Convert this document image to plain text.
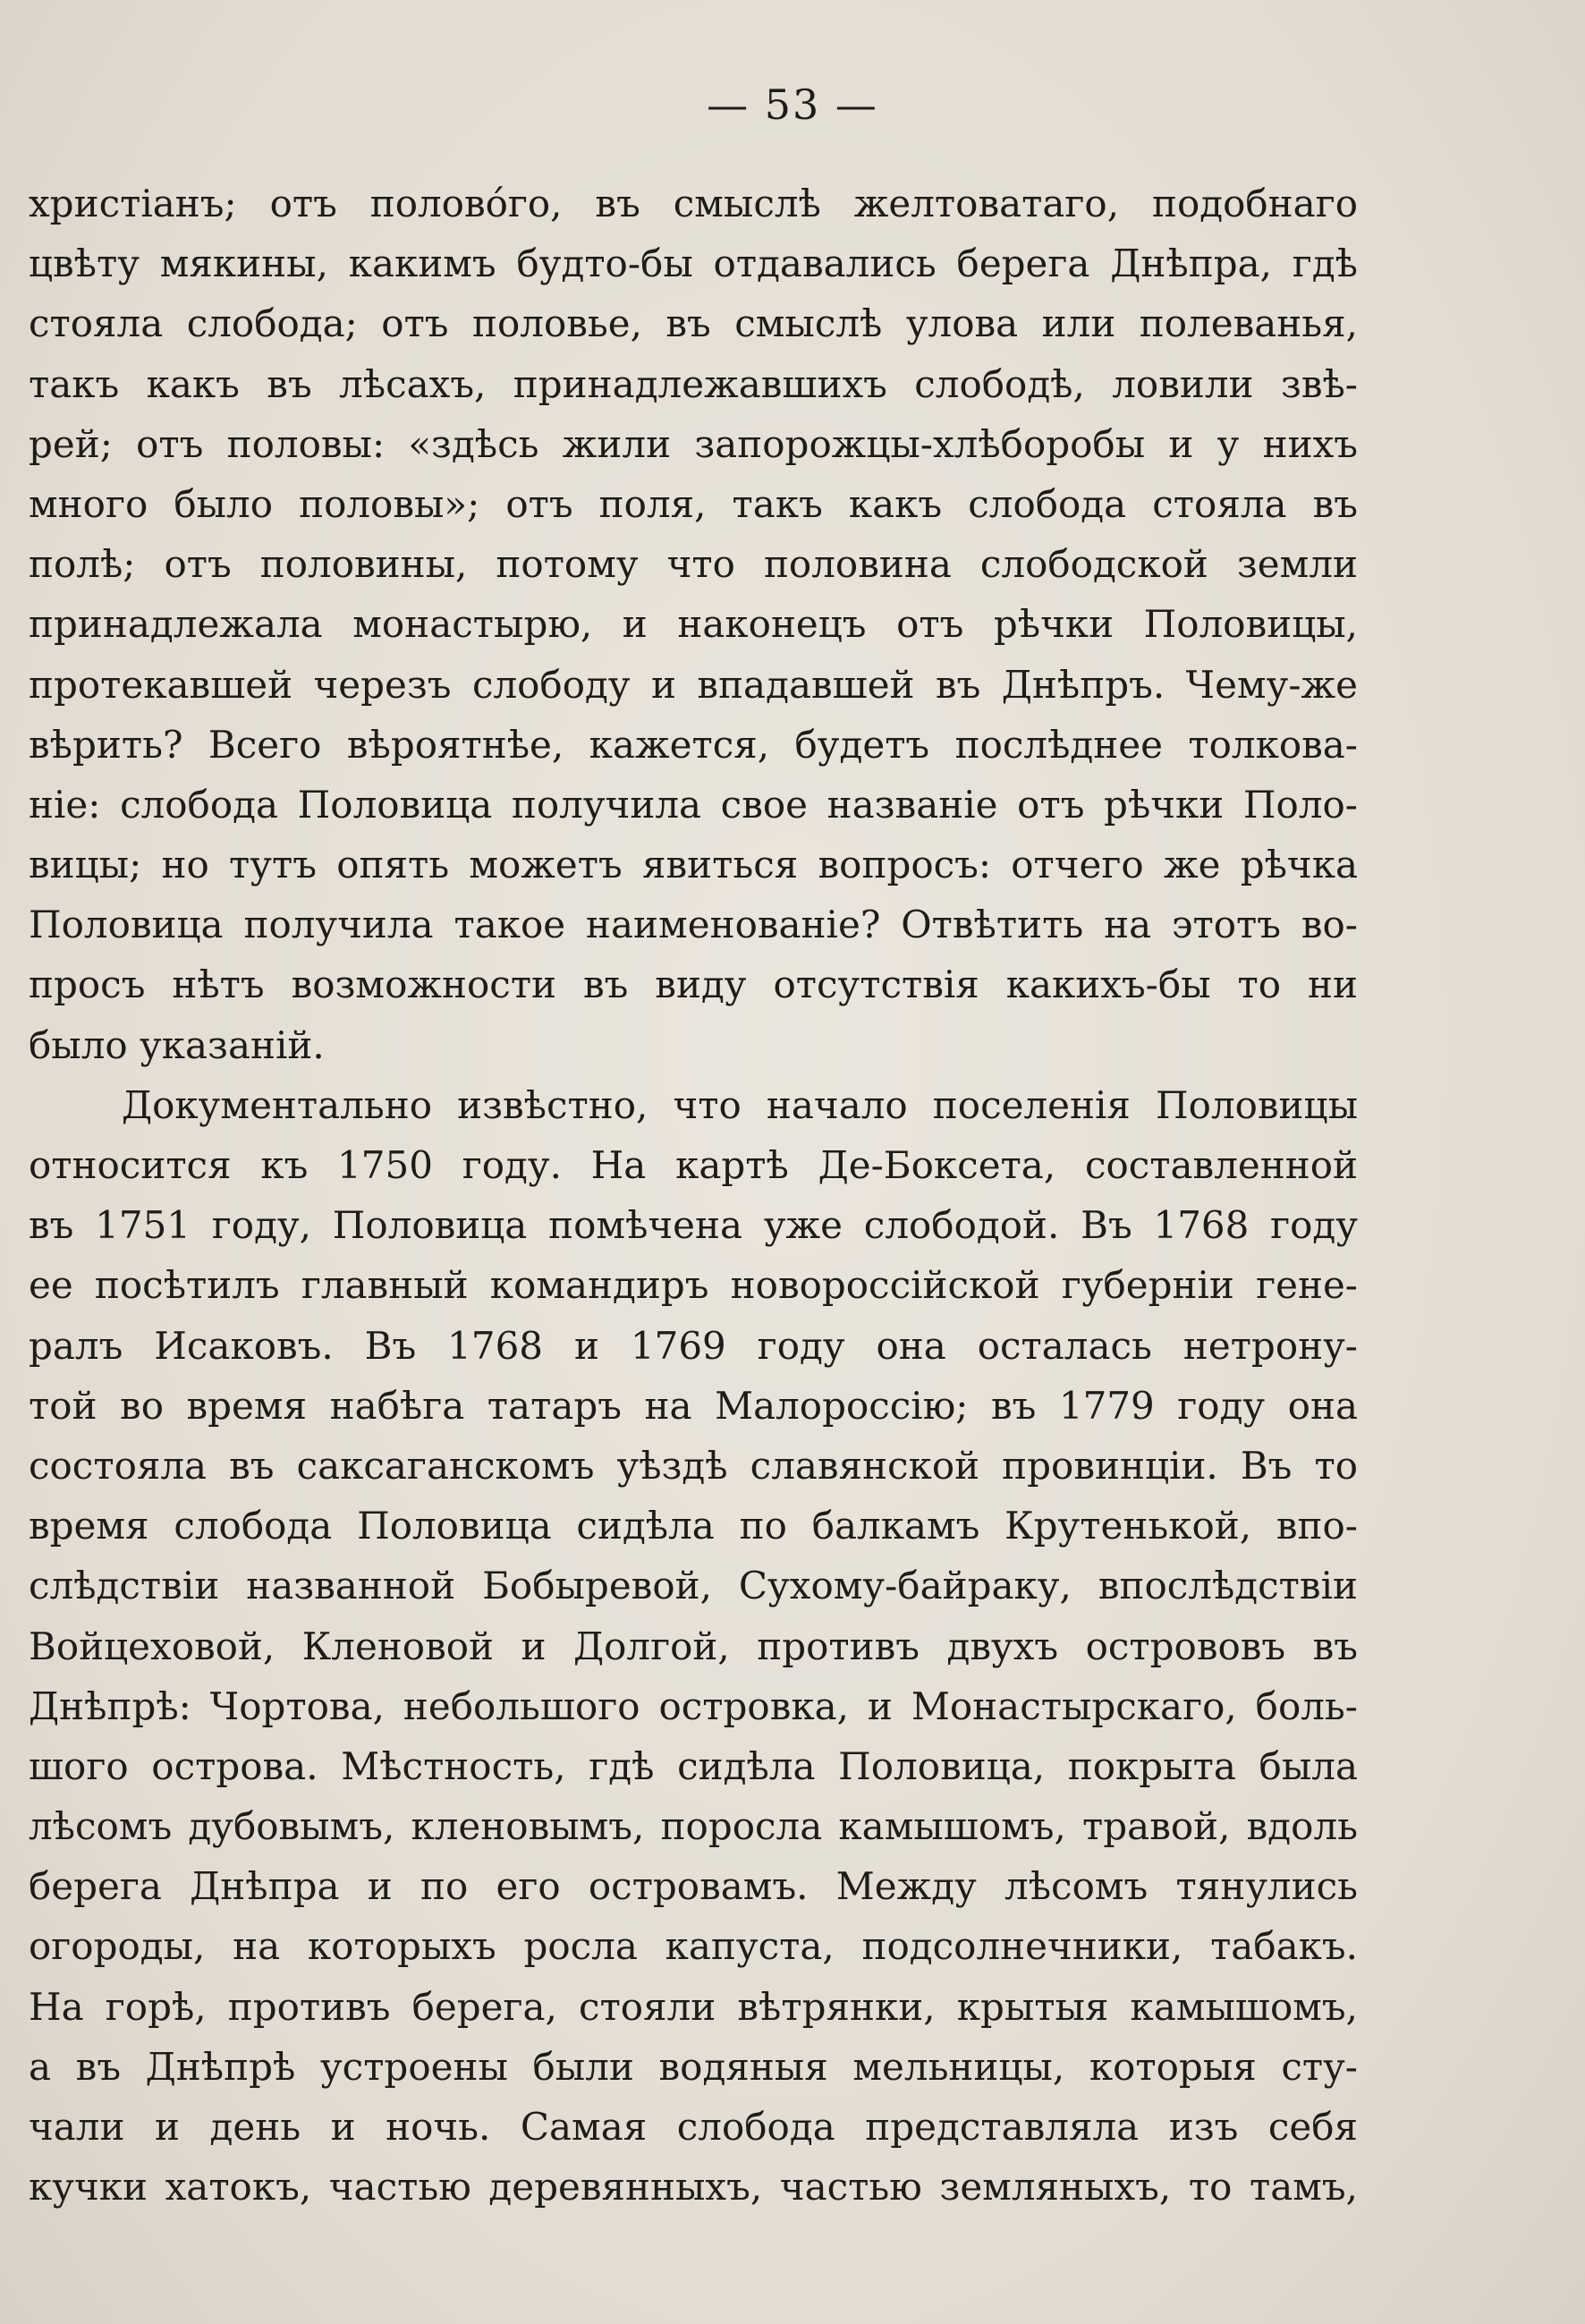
— 53 —
христіанъ; отъ половóго, въ смыслѣ желтоватаго, подобнаго
цвѣту мякины, какимъ будто-бы отдавались берега Днѣпра, гдѣ
стояла слобода; отъ половье, въ смыслѣ улова или полеванья,
такъ какъ въ лѣсахъ, принадлежавшихъ слободѣ, ловили звѣ-
рей; отъ половы: «здѣсь жили запорожцы-хлѣборобы и у нихъ
много было половы»; отъ поля, такъ какъ слобода стояла въ
полѣ; отъ половины, потому что половина слободской земли
принадлежала монастырю, и наконецъ отъ рѣчки Половицы,
протекавшей черезъ слободу и впадавшей въ Днѣпръ. Чему-же
вѣрить? Всего вѣроятнѣе, кажется, будетъ послѣднее толкова-
ніе: слобода Половица получила свое названіе отъ рѣчки Поло-
вицы; но тутъ опять можетъ явиться вопросъ: отчего же рѣчка
Половица получила такое наименованіе? Отвѣтить на этотъ во-
просъ нѣтъ возможности въ виду отсутствія какихъ-бы то ни
было указаній.
Документально извѣстно, что начало поселенія Половицы
относится къ 1750 году. На картѣ Де-Боксета, составленной
въ 1751 году, Половица помѣчена уже слободой. Въ 1768 году
ее посѣтилъ главный командиръ новороссійской губерніи гене-
ралъ Исаковъ. Въ 1768 и 1769 году она осталась нетрону-
той во время набѣга татаръ на Малороссію; въ 1779 году она
состояла въ саксаганскомъ уѣздѣ славянской провинціи. Въ то
время слобода Половица сидѣла по балкамъ Крутенькой, впо-
слѣдствіи названной Бобыревой, Сухому-байраку, впослѣдствіи
Войцеховой, Кленовой и Долгой, противъ двухъ острововъ въ
Днѣпрѣ: Чортова, небольшого островка, и Монастырскаго, боль-
шого острова. Мѣстность, гдѣ сидѣла Половица, покрыта была
лѣсомъ дубовымъ, кленовымъ, поросла камышомъ, травой, вдоль
берега Днѣпра и по его островамъ. Между лѣсомъ тянулись
огороды, на которыхъ росла капуста, подсолнечники, табакъ.
На горѣ, противъ берега, стояли вѣтрянки, крытыя камышомъ,
а въ Днѣпрѣ устроены были водяныя мельницы, которыя сту-
чали и день и ночь. Самая слобода представляла изъ себя
кучки хатокъ, частью деревянныхъ, частью земляныхъ, то тамъ,
